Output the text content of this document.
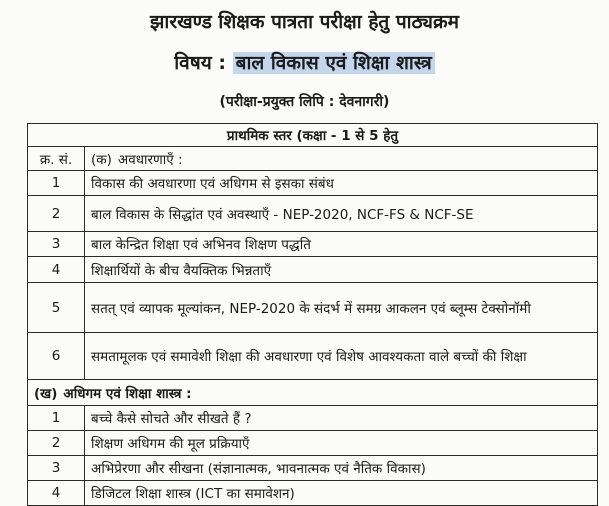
झारखण्ड शिक्षक पात्रता परीक्षा हेतु पाठ्यक्रम
विषय : बाल विकास एवं शिक्षा शास्त्र
(परीक्षा-प्रयुक्त लिपि : देवनागरी)
प्राथमिक स्तर (कक्षा - 1 से 5 हेतु	
क्र. सं.	(क) अवधारणाएँ :
1	विकास की अवधारणा एवं अधिगम से इसका संबंध
2	बाल विकास के सिद्धांत एवं अवस्थाएँ - NEP-2020, NCF-FS & NCF-SE
3	बाल केन्द्रित शिक्षा एवं अभिनव शिक्षण पद्धति
4	शिक्षार्थियों के बीच वैयक्तिक भिन्नताएँ
5	सतत् एवं व्यापक मूल्यांकन, NEP-2020 के संदर्भ में समग्र आकलन एवं ब्लूम्स टेक्सोनॉमी
6	समतामूलक एवं समावेशी शिक्षा की अवधारणा एवं विशेष आवश्यकता वाले बच्चों की शिक्षा
(ख) अधिगम एवं शिक्षा शास्त्र :	
1	बच्चे कैसे सोचते और सीखते हैं ?
2	शिक्षण अधिगम की मूल प्रक्रियाएँ
3	अभिप्रेरणा और सीखना (संज्ञानात्मक, भावनात्मक एवं नैतिक विकास)
4	डिजिटल शिक्षा शास्त्र (ICT का समावेशन)
